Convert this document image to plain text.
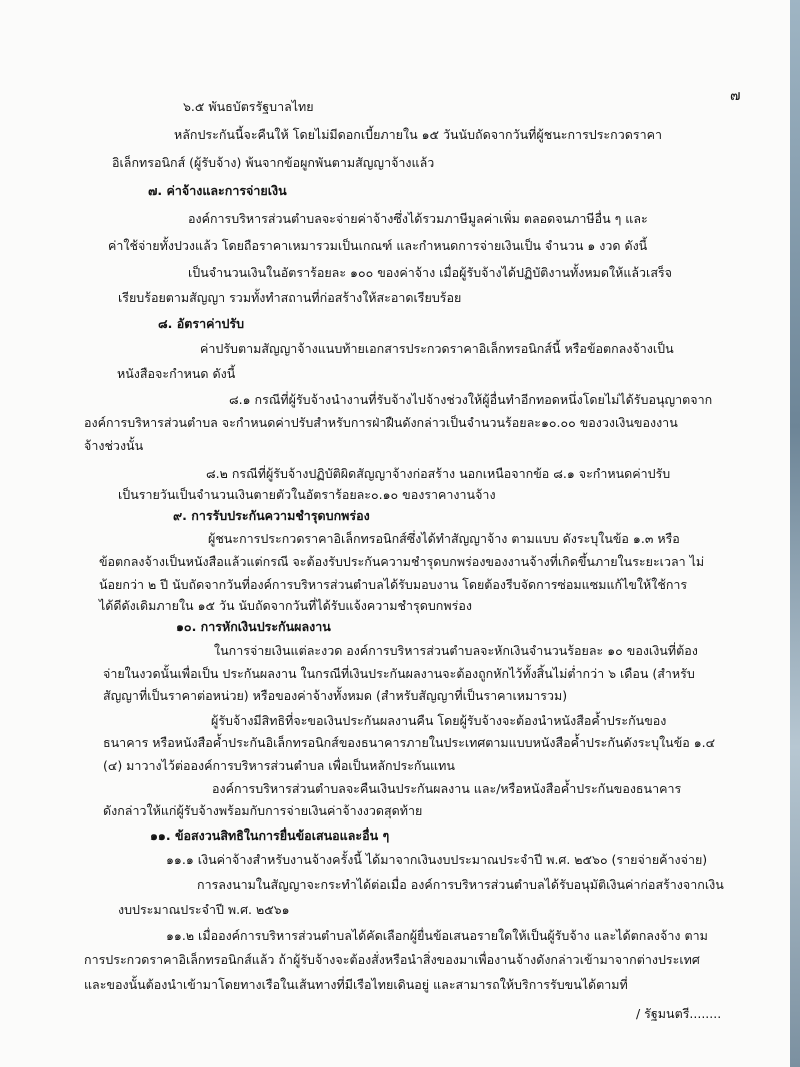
๗
๖.๕ พันธบัตรรัฐบาลไทย
หลักประกันนี้จะคืนให้ โดยไม่มีดอกเบี้ยภายใน ๑๕ วันนับถัดจากวันที่ผู้ชนะการประกวดราคา
อิเล็กทรอนิกส์ (ผู้รับจ้าง) พ้นจากข้อผูกพันตามสัญญาจ้างแล้ว
๗. ค่าจ้างและการจ่ายเงิน
องค์การบริหารส่วนตำบลจะจ่ายค่าจ้างซึ่งได้รวมภาษีมูลค่าเพิ่ม ตลอดจนภาษีอื่น ๆ และ
ค่าใช้จ่ายทั้งปวงแล้ว โดยถือราคาเหมารวมเป็นเกณฑ์ และกำหนดการจ่ายเงินเป็น จำนวน ๑ งวด ดังนี้
เป็นจำนวนเงินในอัตราร้อยละ ๑๐๐ ของค่าจ้าง เมื่อผู้รับจ้างได้ปฏิบัติงานทั้งหมดให้แล้วเสร็จ
เรียบร้อยตามสัญญา รวมทั้งทำสถานที่ก่อสร้างให้สะอาดเรียบร้อย
๘. อัตราค่าปรับ
ค่าปรับตามสัญญาจ้างแนบท้ายเอกสารประกวดราคาอิเล็กทรอนิกส์นี้ หรือข้อตกลงจ้างเป็น
หนังสือจะกำหนด ดังนี้
๘.๑ กรณีที่ผู้รับจ้างนำงานที่รับจ้างไปจ้างช่วงให้ผู้อื่นทำอีกทอดหนึ่งโดยไม่ได้รับอนุญาตจาก
องค์การบริหารส่วนตำบล จะกำหนดค่าปรับสำหรับการฝ่าฝืนดังกล่าวเป็นจำนวนร้อยละ๑๐.๐๐ ของวงเงินของงาน
จ้างช่วงนั้น
๘.๒ กรณีที่ผู้รับจ้างปฏิบัติผิดสัญญาจ้างก่อสร้าง นอกเหนือจากข้อ ๘.๑ จะกำหนดค่าปรับ
เป็นรายวันเป็นจำนวนเงินตายตัวในอัตราร้อยละ๐.๑๐ ของราคางานจ้าง
๙. การรับประกันความชำรุดบกพร่อง
ผู้ชนะการประกวดราคาอิเล็กทรอนิกส์ซึ่งได้ทำสัญญาจ้าง ตามแบบ ดังระบุในข้อ ๑.๓ หรือ
ข้อตกลงจ้างเป็นหนังสือแล้วแต่กรณี จะต้องรับประกันความชำรุดบกพร่องของงานจ้างที่เกิดขึ้นภายในระยะเวลา ไม่
น้อยกว่า ๒ ปี นับถัดจากวันที่องค์การบริหารส่วนตำบลได้รับมอบงาน โดยต้องรีบจัดการซ่อมแซมแก้ไขให้ใช้การ
ได้ดีดังเดิมภายใน ๑๕ วัน นับถัดจากวันที่ได้รับแจ้งความชำรุดบกพร่อง
๑๐. การหักเงินประกันผลงาน
ในการจ่ายเงินแต่ละงวด องค์การบริหารส่วนตำบลจะหักเงินจำนวนร้อยละ ๑๐ ของเงินที่ต้อง
จ่ายในงวดนั้นเพื่อเป็น ประกันผลงาน ในกรณีที่เงินประกันผลงานจะต้องถูกหักไว้ทั้งสิ้นไม่ต่ำกว่า ๖ เดือน (สำหรับ
สัญญาที่เป็นราคาต่อหน่วย) หรือของค่าจ้างทั้งหมด (สำหรับสัญญาที่เป็นราคาเหมารวม)
ผู้รับจ้างมีสิทธิที่จะขอเงินประกันผลงานคืน โดยผู้รับจ้างจะต้องนำหนังสือค้ำประกันของ
ธนาคาร หรือหนังสือค้ำประกันอิเล็กทรอนิกส์ของธนาคารภายในประเทศตามแบบหนังสือค้ำประกันดังระบุในข้อ ๑.๔
(๔) มาวางไว้ต่อองค์การบริหารส่วนตำบล เพื่อเป็นหลักประกันแทน
องค์การบริหารส่วนตำบลจะคืนเงินประกันผลงาน และ/หรือหนังสือค้ำประกันของธนาคาร
ดังกล่าวให้แก่ผู้รับจ้างพร้อมกับการจ่ายเงินค่าจ้างงวดสุดท้าย
๑๑. ข้อสงวนสิทธิในการยื่นข้อเสนอและอื่น ๆ
๑๑.๑ เงินค่าจ้างสำหรับงานจ้างครั้งนี้ ได้มาจากเงินงบประมาณประจำปี พ.ศ. ๒๕๖๐ (รายจ่ายค้างจ่าย)
การลงนามในสัญญาจะกระทำได้ต่อเมื่อ องค์การบริหารส่วนตำบลได้รับอนุมัติเงินค่าก่อสร้างจากเงิน
งบประมาณประจำปี พ.ศ. ๒๕๖๑
๑๑.๒ เมื่อองค์การบริหารส่วนตำบลได้คัดเลือกผู้ยื่นข้อเสนอรายใดให้เป็นผู้รับจ้าง และได้ตกลงจ้าง ตาม
การประกวดราคาอิเล็กทรอนิกส์แล้ว ถ้าผู้รับจ้างจะต้องสั่งหรือนำสิ่งของมาเพื่องานจ้างดังกล่าวเข้ามาจากต่างประเทศ
และของนั้นต้องนำเข้ามาโดยทางเรือในเส้นทางที่มีเรือไทยเดินอยู่ และสามารถให้บริการรับขนได้ตามที่
/ รัฐมนตรี........
